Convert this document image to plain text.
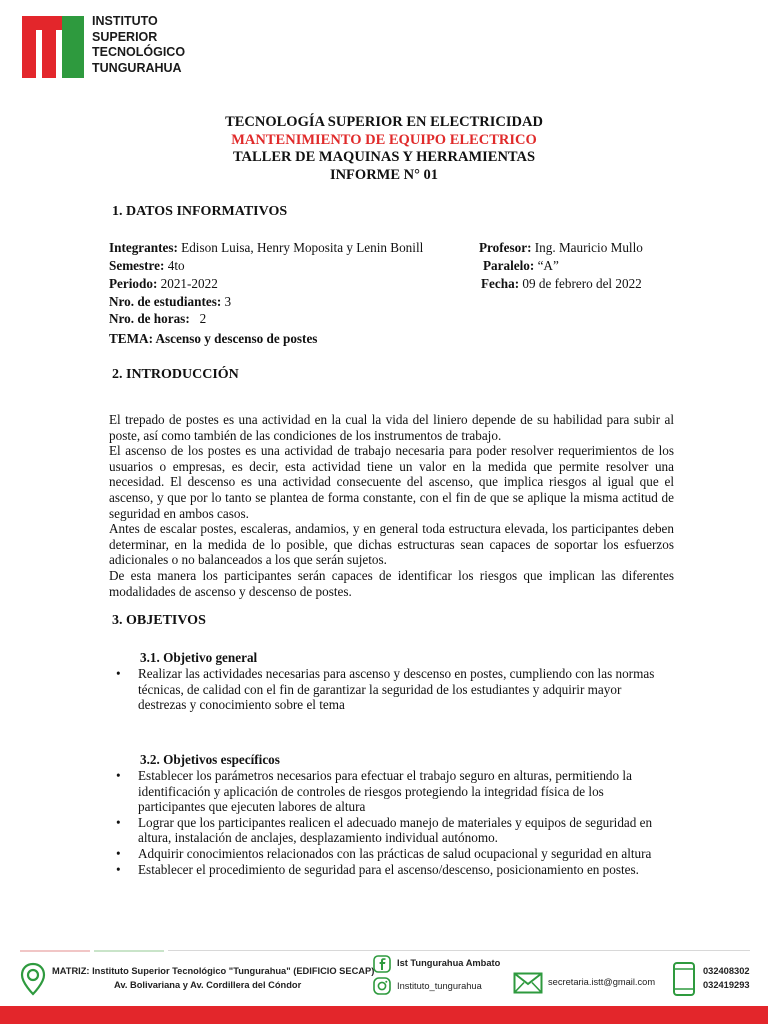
INSTITUTO
SUPERIOR
TECNOLÓGICO
TUNGURAHUA
TECNOLOGÍA SUPERIOR EN ELECTRICIDAD
MANTENIMIENTO DE EQUIPO ELECTRICO
TALLER DE MAQUINAS Y HERRAMIENTAS
INFORME N° 01
1. DATOS INFORMATIVOS
Integrantes: Edison Luisa, Henry Moposita y Lenin Bonill	Profesor: Ing. Mauricio Mullo
Semestre: 4to	Paralelo: “A”
Periodo: 2021-2022	Fecha: 09 de febrero del 2022
Nro. de estudiantes: 3
Nro. de horas:   2
TEMA: Ascenso y descenso de postes
2. INTRODUCCIÓN

El trepado de postes es una actividad en la cual la vida del liniero depende de su habilidad para subir al poste, así como también de las condiciones de los instrumentos de trabajo.

El ascenso de los postes es una actividad de trabajo necesaria para poder resolver requerimientos de los usuarios o empresas, es decir, esta actividad tiene un valor en la medida que permite resolver una necesidad. El descenso es una actividad consecuente del ascenso, que implica riesgos al igual que el ascenso, y que por lo tanto se plantea de forma constante, con el fin de que se aplique la misma actitud de seguridad en ambos casos.

Antes de escalar postes, escaleras, andamios, y en general toda estructura elevada, los participantes deben determinar, en la medida de lo posible, que dichas estructuras sean capaces de soportar los esfuerzos adicionales o no balanceados a los que serán sujetos.

De esta manera los participantes serán capaces de identificar los riesgos que implican las diferentes modalidades de ascenso y descenso de postes.

3. OBJETIVOS
3.1. Objetivo general
• Realizar las actividades necesarias para ascenso y descenso en postes, cumpliendo con las normas técnicas, de calidad con el fin de garantizar la seguridad de los estudiantes y adquirir mayor destrezas y conocimiento sobre el tema
3.2. Objetivos específicos
• Establecer los parámetros necesarios para efectuar el trabajo seguro en alturas, permitiendo la identificación y aplicación de controles de riesgos protegiendo la integridad física de los participantes que ejecuten labores de altura
• Lograr que los participantes realicen el adecuado manejo de materiales y equipos de seguridad en altura, instalación de anclajes, desplazamiento individual autónomo.
• Adquirir conocimientos relacionados con las prácticas de salud ocupacional y seguridad en altura
• Establecer el procedimiento de seguridad para el ascenso/descenso, posicionamiento en postes.
MATRIZ: Instituto Superior Tecnológico "Tungurahua" (EDIFICIO SECAP)
Av. Bolivariana y Av. Cordillera del Cóndor
Ist Tungurahua Ambato
Instituto_tungurahua	secretaria.istt@gmail.com
032408302
032419293
